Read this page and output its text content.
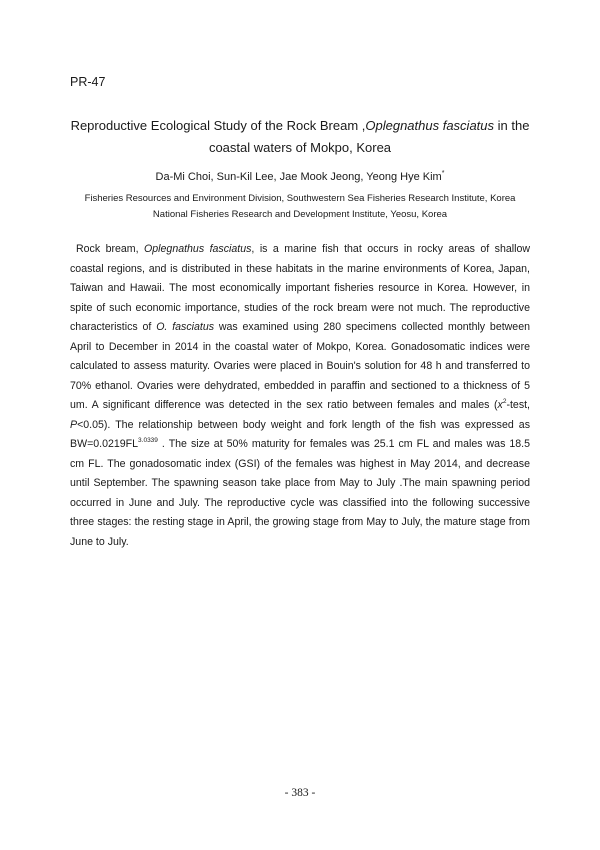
PR-47
Reproductive Ecological Study of the Rock Bream ,Oplegnathus fasciatus in the
coastal waters of Mokpo, Korea
Da-Mi Choi, Sun-Kil Lee, Jae Mook Jeong, Yeong Hye Kim*
Fisheries Resources and Environment Division, Southwestern Sea Fisheries Research Institute, Korea
National Fisheries Research and Development Institute, Yeosu, Korea

Rock bream, Oplegnathus fasciatus, is a marine fish that occurs in rocky areas of shallow coastal regions, and is distributed in these habitats in the marine environments of Korea, Japan, Taiwan and Hawaii. The most economically important fisheries resource in Korea. However, in spite of such economic importance, studies of the rock bream were not much. The reproductive characteristics of O. fasciatus was examined using 280 specimens collected monthly between April to December in 2014 in the coastal water of Mokpo, Korea. Gonadosomatic indices were calculated to assess maturity. Ovaries were placed in Bouin's solution for 48 h and transferred to 70% ethanol. Ovaries were dehydrated, embedded in paraffin and sectioned to a thickness of 5 um. A significant difference was detected in the sex ratio between females and males ($x^2$-test, P<0.05). The relationship between body weight and fork length of the fish was expressed as $BW=0.0219FL^{3.0339}$ . The size at 50% maturity for females was 25.1 cm FL and males was 18.5 cm FL. The gonadosomatic index (GSI) of the females was highest in May 2014, and decrease until September. The spawning season take place from May to July .The main spawning period occurred in June and July. The reproductive cycle was classified into the following successive three stages: the resting stage in April, the growing stage from May to July, the mature stage from June to July.

- 383 -
